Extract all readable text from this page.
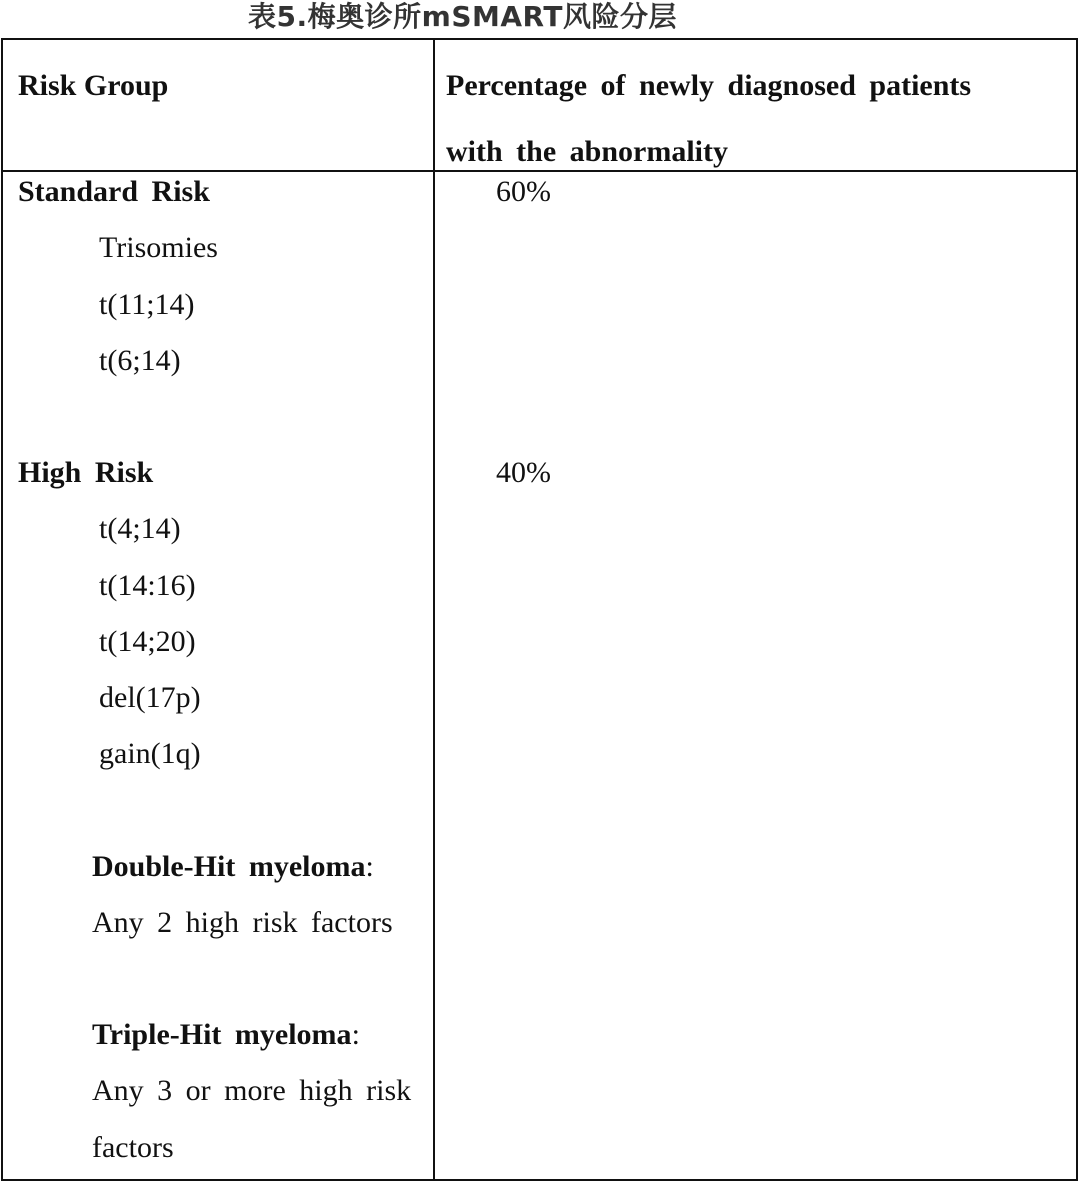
表5.梅奥诊所mSMART风险分层
Risk Group	Percentage of newly diagnosed patients
with the abnormality
Standard Risk	60%
Trisomies
t(11;14)
t(6;14)
High Risk	40%
t(4;14)
t(14:16)
t(14;20)
del(17p)
gain(1q)
Double-Hit myeloma:
Any 2 high risk factors
Triple-Hit myeloma:
Any 3 or more high risk
factors
